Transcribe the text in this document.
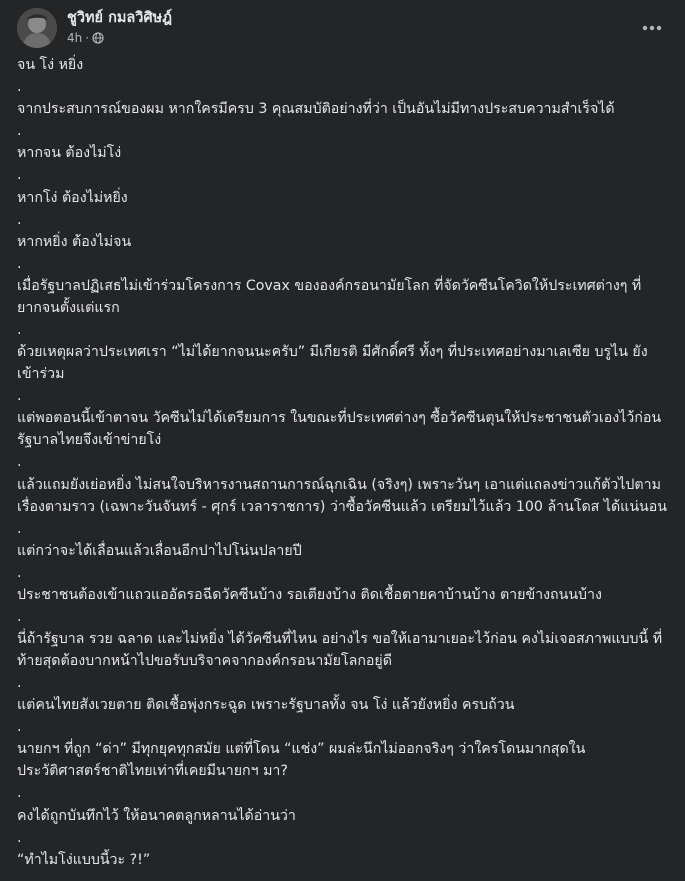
ชูวิทย์ กมลวิศิษฎ์
4h ·

จน โง่ หยิ่ง

.

จากประสบการณ์ของผม หากใครมีครบ 3 คุณสมบัติอย่างที่ว่า เป็นอันไม่มีทางประสบความสำเร็จได้

.

หากจน ต้องไม่โง่

.

หากโง่ ต้องไม่หยิ่ง

.

หากหยิ่ง ต้องไม่จน

.

เมื่อรัฐบาลปฏิเสธไม่เข้าร่วมโครงการ Covax ขององค์กรอนามัยโลก ที่จัดวัคซีนโควิดให้ประเทศต่างๆ ที่ยากจนตั้งแต่แรก

.

ด้วยเหตุผลว่าประเทศเรา “ไม่ได้ยากจนนะครับ” มีเกียรติ มีศักดิ์ศรี ทั้งๆ ที่ประเทศอย่างมาเลเซีย บรูไน ยังเข้าร่วม

.

แต่พอตอนนี้เข้าตาจน วัคซีนไม่ได้เตรียมการ ในขณะที่ประเทศต่างๆ ซื้อวัคซีนตุนให้ประชาชนตัวเองไว้ก่อน รัฐบาลไทยจึงเข้าข่ายโง่

.

แล้วแถมยังเย่อหยิ่ง ไม่สนใจบริหารงานสถานการณ์ฉุกเฉิน (จริงๆ) เพราะวันๆ เอาแต่แถลงข่าวแก้ตัวไปตามเรื่องตามราว (เฉพาะวันจันทร์ - ศุกร์ เวลาราชการ) ว่าซื้อวัคซีนแล้ว เตรียมไว้แล้ว 100 ล้านโดส ได้แน่นอน

.

แต่กว่าจะได้เลื่อนแล้วเลื่อนอีกปาไปโน่นปลายปี

.

ประชาชนต้องเข้าแถวแออัดรอฉีดวัคซีนบ้าง รอเตียงบ้าง ติดเชื้อตายคาบ้านบ้าง ตายข้างถนนบ้าง

.

นี่ถ้ารัฐบาล รวย ฉลาด และไม่หยิ่ง ได้วัคซีนที่ไหน อย่างไร ขอให้เอามาเยอะไว้ก่อน คงไม่เจอสภาพแบบนี้ ที่ท้ายสุดต้องบากหน้าไปขอรับบริจาคจากองค์กรอนามัยโลกอยู่ดี

.

แต่คนไทยสังเวยตาย ติดเชื้อพุ่งกระฉูด เพราะรัฐบาลทั้ง จน โง่ แล้วยังหยิ่ง ครบถ้วน

.

นายกฯ ที่ถูก “ด่า” มีทุกยุคทุกสมัย แต่ที่โดน “แช่ง” ผมล่ะนึกไม่ออกจริงๆ ว่าใครโดนมากสุดในประวัติศาสตร์ชาติไทยเท่าที่เคยมีนายกฯ มา?

.

คงได้ถูกบันทึกไว้ ให้อนาคตลูกหลานได้อ่านว่า

.

“ทำไมโง่แบบนี้วะ ?!”
